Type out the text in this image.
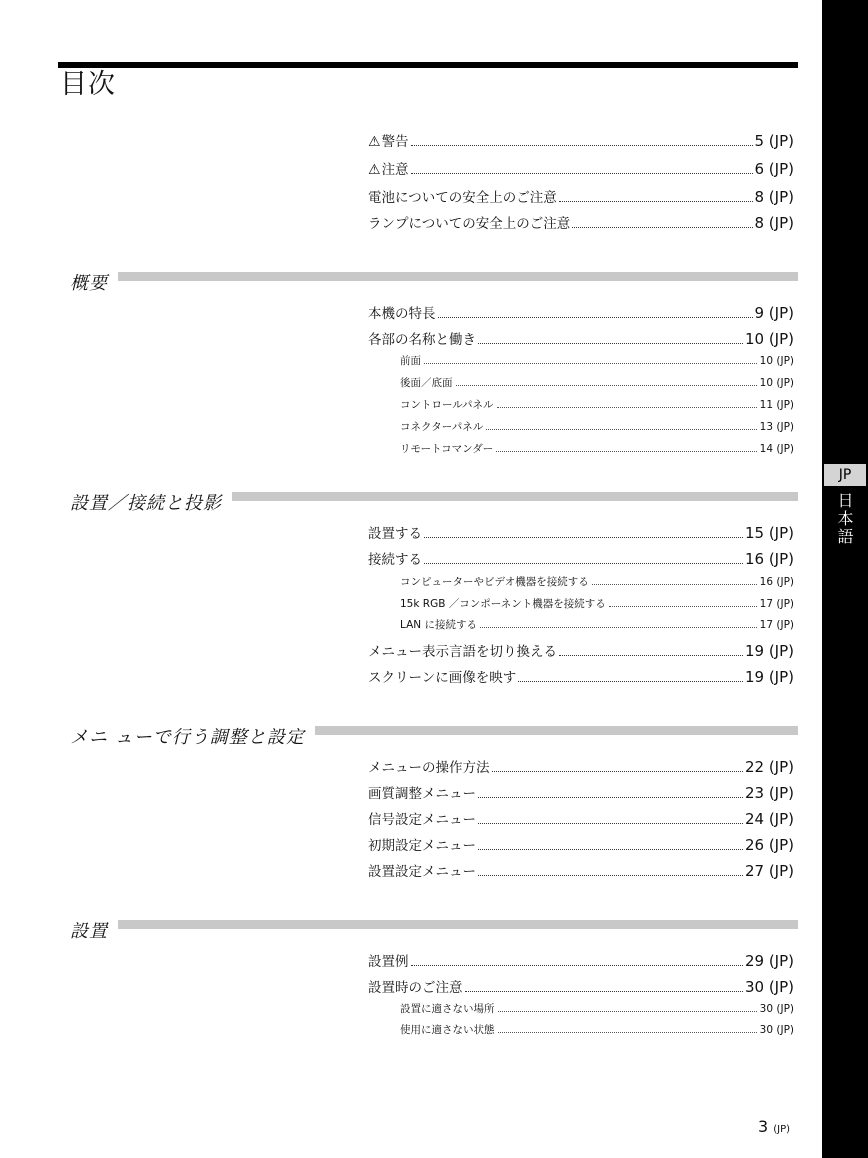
目次
JP
日本語
⚠警告	5 (JP)
⚠注意	6 (JP)
電池についての安全上のご注意	8 (JP)
ランプについての安全上のご注意	8 (JP)
概要
本機の特長	9 (JP)
各部の名称と働き	10 (JP)
前面	10 (JP)
後面／底面	10 (JP)
コントロールパネル	11 (JP)
コネクターパネル	13 (JP)
リモートコマンダー	14 (JP)
設置／接続と投影
設置する	15 (JP)
接続する	16 (JP)
コンピューターやビデオ機器を接続する	16 (JP)
15k RGB ／コンポーネント機器を接続する	17 (JP)
LAN に接続する	17 (JP)
メニュー表示言語を切り換える	19 (JP)
スクリーンに画像を映す	19 (JP)
メニ ューで行う調整と設定
メニューの操作方法	22 (JP)
画質調整メニュー	23 (JP)
信号設定メニュー	24 (JP)
初期設定メニュー	26 (JP)
設置設定メニュー	27 (JP)
設置
設置例	29 (JP)
設置時のご注意	30 (JP)
設置に適さない場所	30 (JP)
使用に適さない状態	30 (JP)
3 (JP)
